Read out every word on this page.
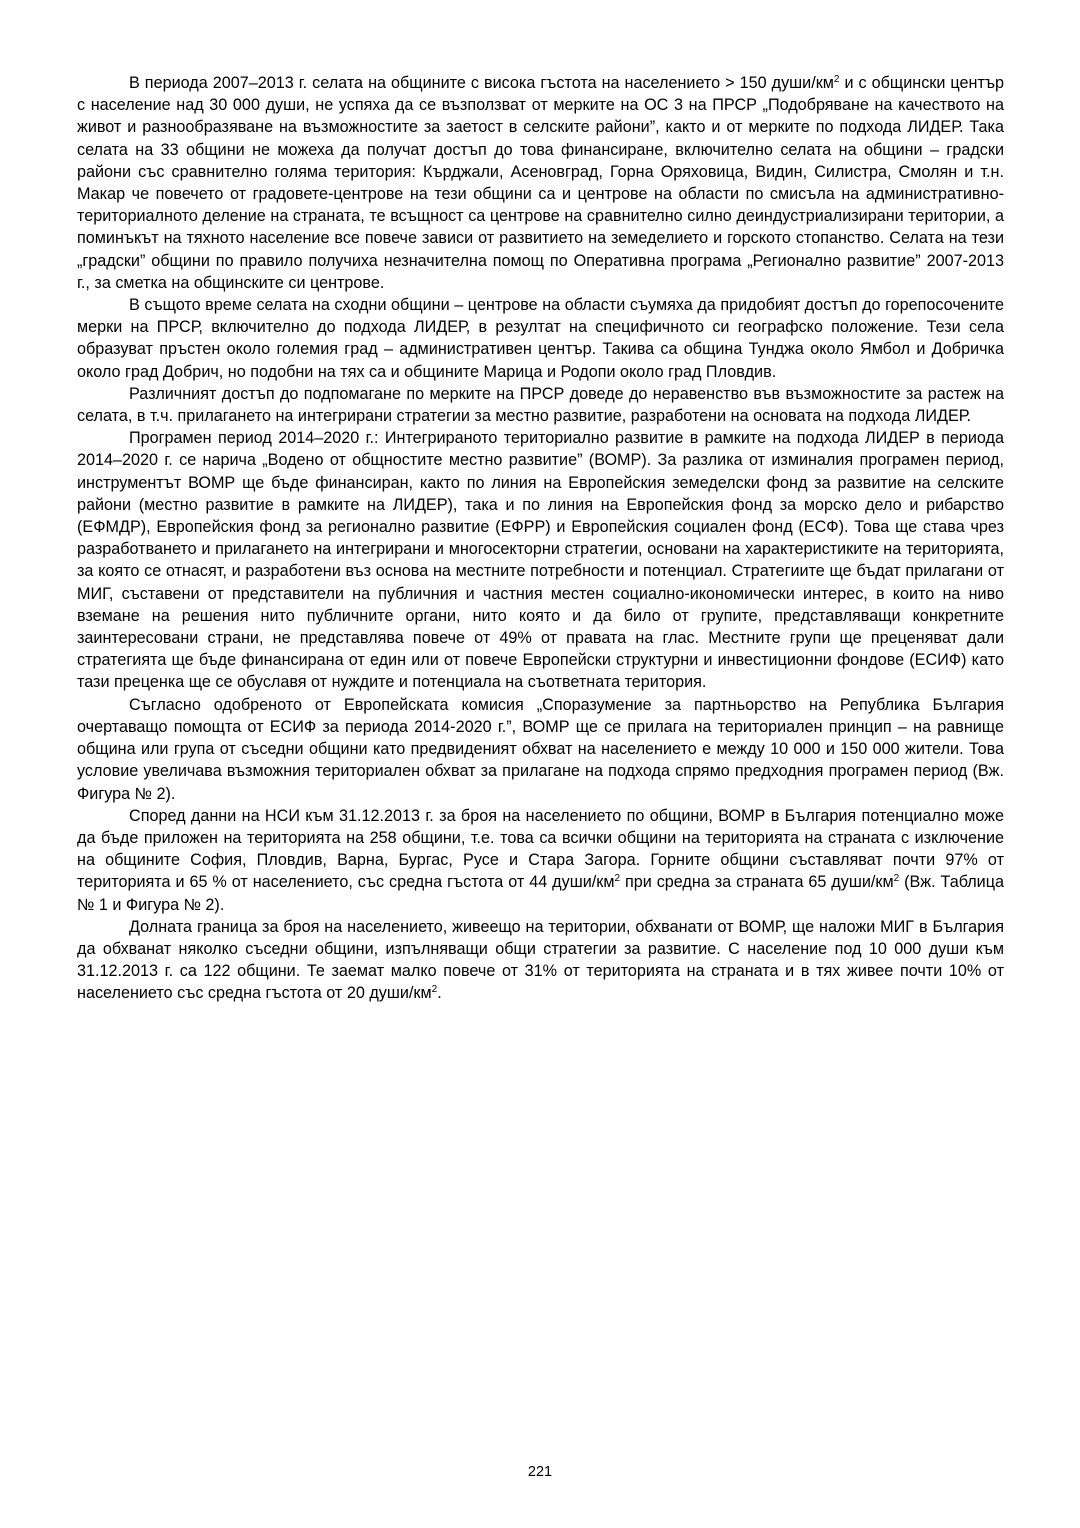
В периода 2007–2013 г. селата на общините с висока гъстота на населението > 150 души/$км^2$ и с общински център с население над 30 000 души, не успяха да се възползват от мерките на ОС 3 на ПРСР „Подобряване на качеството на живот и разнообразяване на възможностите за заетост в селските райони”, както и от мерките по подхода ЛИДЕР. Така селата на 33 общини не можеха да получат достъп до това финансиране, включително селата на общини – градски райони със сравнително голяма територия: Кърджали, Асеновград, Горна Оряховица, Видин, Силистра, Смолян и т.н. Макар че повечето от градовете-центрове на тези общини са и центрове на области по смисъла на административно-териториалното деление на страната, те всъщност са центрове на сравнително силно деиндустриализирани територии, а поминъкът на тяхното население все повече зависи от развитието на земеделието и горското стопанство. Селата на тези „градски” общини по правило получиха незначителна помощ по Оперативна програма „Регионално развитие” 2007-2013 г., за сметка на общинските си центрове.

В същото време селата на сходни общини – центрове на области съумяха да придобият достъп до горепосочените мерки на ПРСР, включително до подхода ЛИДЕР, в резултат на специфичното си географско положение. Тези села образуват пръстен около големия град – административен център. Такива са община Тунджа около Ямбол и Добричка около град Добрич, но подобни на тях са и общините Марица и Родопи около град Пловдив.

Различният достъп до подпомагане по мерките на ПРСР доведе до неравенство във възможностите за растеж на селата, в т.ч. прилагането на интегрирани стратегии за местно развитие, разработени на основата на подхода ЛИДЕР.

Програмен период 2014–2020 г.: Интегрираното териториално развитие в рамките на подхода ЛИДЕР в периода 2014–2020 г. се нарича „Водено от общностите местно развитие” (ВОМР). За разлика от изминалия програмен период, инструментът ВОМР ще бъде финансиран, както по линия на Европейския земеделски фонд за развитие на селските райони (местно развитие в рамките на ЛИДЕР), така и по линия на Европейския фонд за морско дело и рибарство (ЕФМДР), Европейския фонд за регионално развитие (ЕФРР) и Европейския социален фонд (ЕСФ). Това ще става чрез разработването и прилагането на интегрирани и многосекторни стратегии, основани на характеристиките на територията, за която се отнасят, и разработени въз основа на местните потребности и потенциал. Стратегиите ще бъдат прилагани от МИГ, съставени от представители на публичния и частния местен социално-икономически интерес, в които на ниво вземане на решения нито публичните органи, нито която и да било от групите, представляващи конкретните заинтересовани страни, не представлява повече от 49% от правата на глас. Местните групи ще преценяват дали стратегията ще бъде финансирана от един или от повече Европейски структурни и инвестиционни фондове (ЕСИФ) като тази преценка ще се обуславя от нуждите и потенциала на съответната територия.

Съгласно одобреното от Европейската комисия „Споразумение за партньорство на Република България очертаващо помощта от ЕСИФ за периода 2014-2020 г.”, ВОМР ще се прилага на териториален принцип – на равнище община или група от съседни общини като предвиденият обхват на населението е между 10 000 и 150 000 жители. Това условие увеличава възможния териториален обхват за прилагане на подхода спрямо предходния програмен период (Вж. Фигура № 2).

Според данни на НСИ към 31.12.2013 г. за броя на населението по общини, ВОМР в България потенциално може да бъде приложен на територията на 258 общини, т.е. това са всички общини на територията на страната с изключение на общините София, Пловдив, Варна, Бургас, Русе и Стара Загора. Горните общини съставляват почти 97% от територията и 65 % от населението, със средна гъстота от 44 души/$км^2$ при средна за страната 65 души/$км^2$ (Вж. Таблица № 1 и Фигура № 2).

Долната граница за броя на населението, живеещо на територии, обхванати от ВОМР, ще наложи МИГ в България да обхванат няколко съседни общини, изпълняващи общи стратегии за развитие. С население под 10 000 души към 31.12.2013 г. са 122 общини. Те заемат малко повече от 31% от територията на страната и в тях живее почти 10% от населението със средна гъстота от 20 души/$км^2$.

221
